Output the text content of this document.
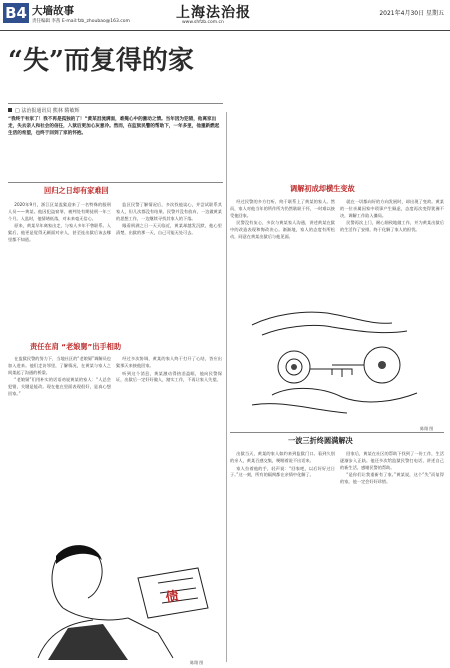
B4 大墙故事
责任编辑 李茜 E-mail:fzb_zhoubao@163.com
上海法治报
www.shfzb.com.cn
2021年4月30日 星期五
“失”而复得的家
□ 法治报通讯员 熊林 隋敏辉
“我终于有家了！我不再是孤独的了！”黄某泪流满面，难掩心中的激动之情。当年因为犯错，他离家出走，失去亲人和社会的信任，入狱后更加心灰意冷。然而，在监狱民警的帮助下，一年多里，他重新燃起生活的希望，也终于回到了家的怀抱。
回归之日却有家难回

2020年9月，浙江区某监狱迎来了一名特殊的服刑人员——黄某。他因犯盗窃罪，被判处有期徒刑一年三个月。入监时，他情绪低落，对未来毫无信心。

原来，黄某早年离家出走，与家人多年不曾联系。入狱后，他更是觉得无颜面对亲人，甚至连出狱后该去哪里都不知道。

监区民警了解情况后，多次找他谈心，并尝试联系其家人，但几次都没有结果。民警并没有放弃，一边做黄某的思想工作，一边继续寻找其家人的下落。

眼看刑满之日一天天临近，黄某却越发沉默，他心里清楚，出狱的那一天，自己可能无处可去。

责任在肩 “老娘舅”出手相助

在监狱民警的努力下，当地社区的“老娘舅”调解员也加入进来。他们走访邻里，了解情况，在黄某与家人之间架起了沟通的桥梁。

“老娘舅”们用朴实的话语劝说黄某的家人：“人总会犯错，关键是能改。现在他在里面表现很好，是真心想回家。”

经过多次协调，黄某的家人终于打开了心结，答应出狱那天来接他回家。

听到这个消息，黄某激动得热泪盈眶，他向民警保证，出狱后一定好好做人，踏实工作，不再让家人失望。

调解初成却横生变故

经过民警的多方打听，终于联系上了黄某的家人。然而，家人对他当年的所作所为仍然耿耿于怀，一时难以接受他回家。

民警没有灰心，多次与黄某家人沟通，讲述黄某在狱中的改造表现和悔改决心。渐渐地，家人的态度有所松动，同意在黄某出狱后与他见面。

就在一切都向好的方向发展时，却出现了变故。黄某的一位亲属因家中琐事产生顾虑，态度再次变得犹豫不决，调解工作陷入僵局。

民警再次上门，耐心细致地做工作，并为黄某出狱后的生活作了安排，终于化解了家人的担忧。

陈翔 图
一波三折终圆满解决

出狱当天，黄某的家人如约来到监狱门口。看到久别的亲人，黄某百感交集，哽咽着说不出话来。

家人拉着他的手，轻声说：“回家吧，以后好好过日子。”这一刻，所有的隔阂都在亲情中化解了。

回家后，黄某在社区的帮助下找到了一份工作，生活逐渐步入正轨。他还多次给监狱民警打电话，讲述自己的新生活，感谢民警的帮助。

“是你们让我重新有了家。”黄某说，这个“失”而复得的家，他一定会好好珍惜。

债
陈翔 图
